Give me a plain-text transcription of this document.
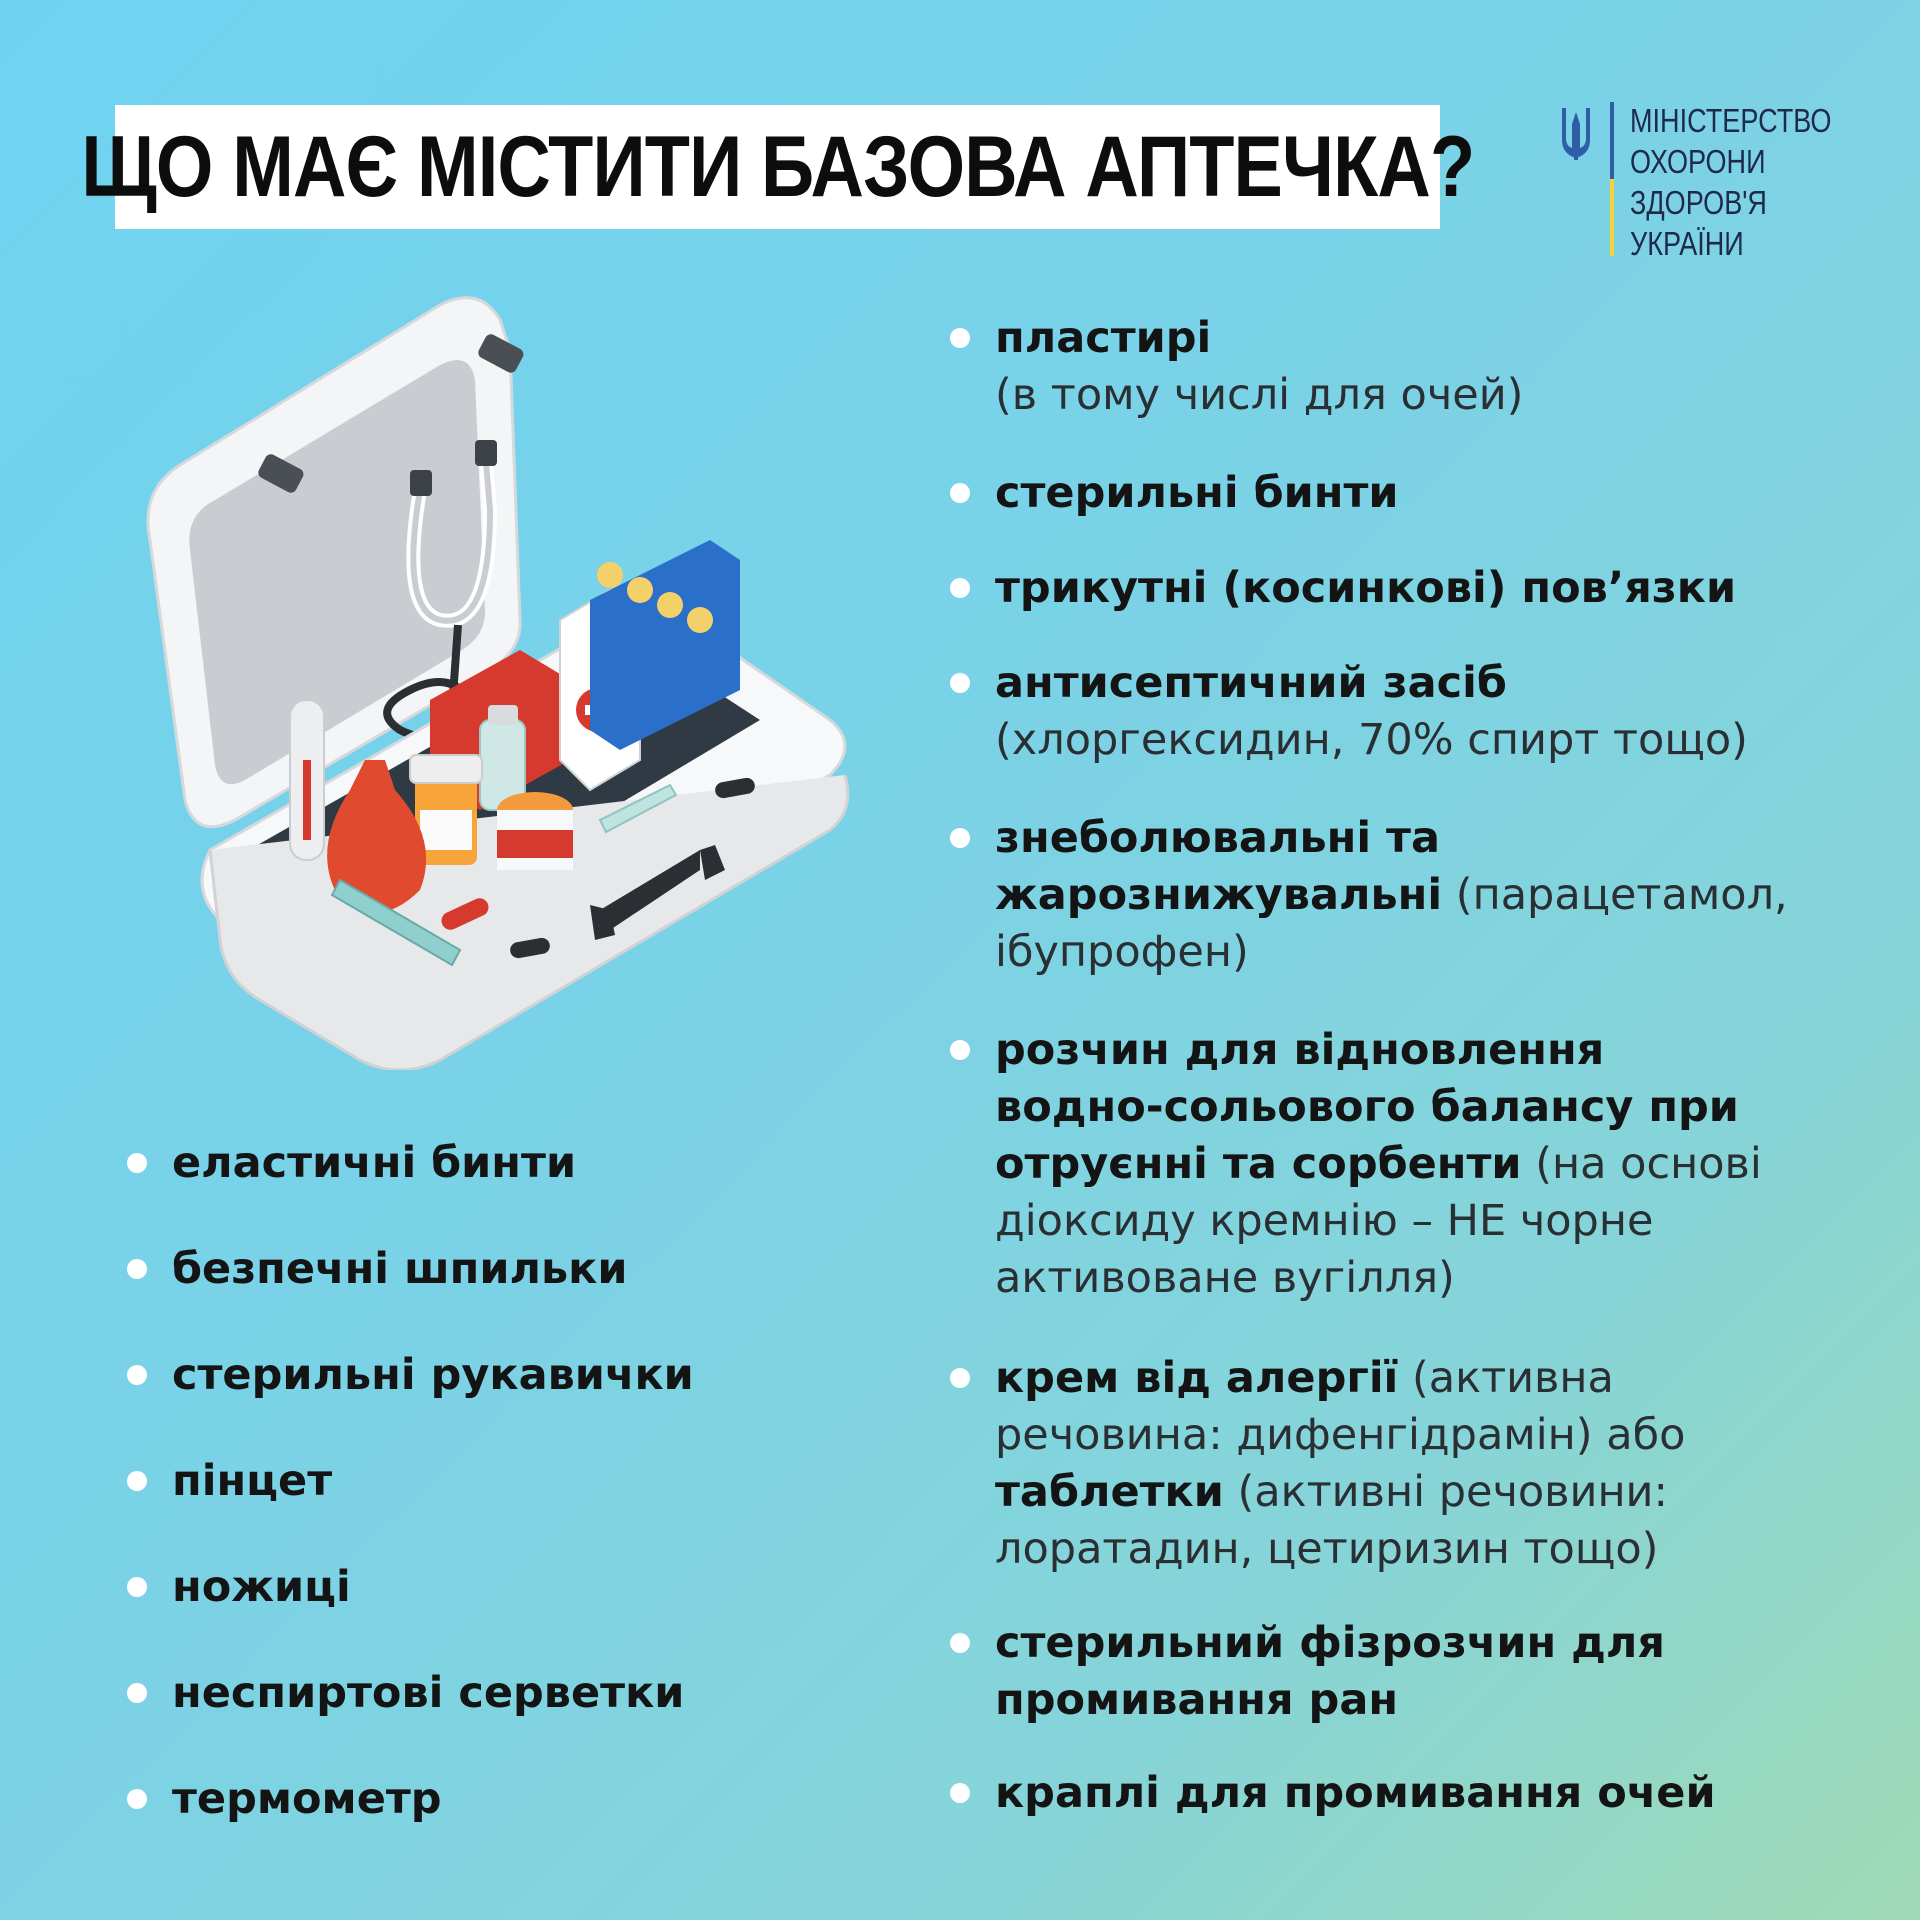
ЩО МАЄ МІСТИТИ БАЗОВА АПТЕЧКА?	МІНІСТЕРСТВО
ОХОРОНИ
ЗДОРОВ'Я
УКРАЇНИ
еластичні бинти
безпечні шпильки
стерильні рукавички
пінцет
ножиці
неспиртові серветки
термометр
пластирі
(в тому числі для очей)
стерильні бинти
трикутні (косинкові) пов’язки
антисептичний засіб
(хлоргексидин, 70% спирт тощо)
знеболювальні та
жарознижувальні (парацетамол,
ібупрофен)
розчин для відновлення
водно-сольового балансу при
отруєнні та сорбенти (на основі
діоксиду кремнію – НЕ чорне
активоване вугілля)
крем від алергії (активна
речовина: дифенгідрамін) або
таблетки (активні речовини:
лоратадин, цетиризин тощо)
стерильний фізрозчин для
промивання ран
краплі для промивання очей
